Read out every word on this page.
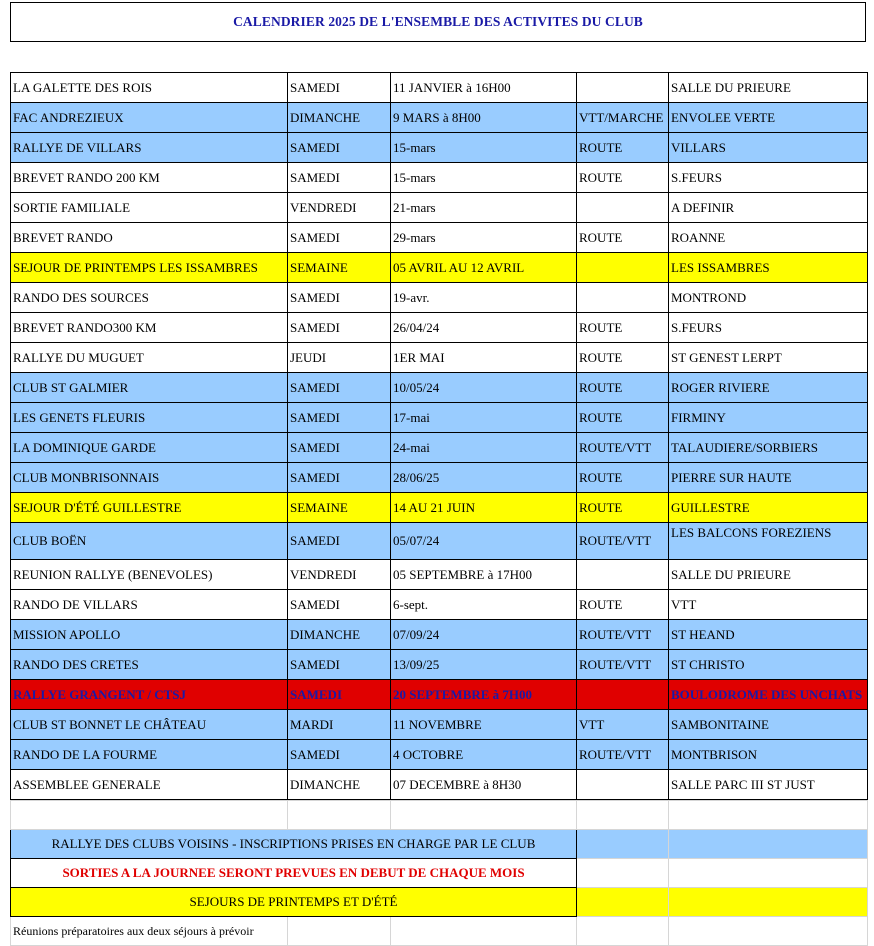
CALENDRIER 2025 DE L'ENSEMBLE DES ACTIVITES DU CLUB
LA GALETTE DES ROIS	SAMEDI	11 JANVIER à 16H00		SALLE DU PRIEURE
FAC ANDREZIEUX	DIMANCHE	9 MARS à 8H00	VTT/MARCHE	ENVOLEE VERTE
RALLYE DE VILLARS	SAMEDI	15-mars	ROUTE	VILLARS
BREVET RANDO 200 KM	SAMEDI	15-mars	ROUTE	S.FEURS
SORTIE FAMILIALE	VENDREDI	21-mars		A DEFINIR
BREVET RANDO	SAMEDI	29-mars	ROUTE	ROANNE
SEJOUR DE PRINTEMPS LES ISSAMBRES	SEMAINE	05 AVRIL AU 12 AVRIL		LES ISSAMBRES
RANDO DES SOURCES	SAMEDI	19-avr.		MONTROND
BREVET RANDO300 KM	SAMEDI	26/04/24	ROUTE	S.FEURS
RALLYE DU MUGUET	JEUDI	1ER MAI	ROUTE	ST GENEST LERPT
CLUB ST GALMIER	SAMEDI	10/05/24	ROUTE	ROGER RIVIERE
LES GENETS FLEURIS	SAMEDI	17-mai	ROUTE	FIRMINY
LA DOMINIQUE GARDE	SAMEDI	24-mai	ROUTE/VTT	TALAUDIERE/SORBIERS
CLUB MONBRISONNAIS	SAMEDI	28/06/25	ROUTE	PIERRE SUR HAUTE
SEJOUR D'ÉTÉ GUILLESTRE	SEMAINE	14 AU 21 JUIN	ROUTE	GUILLESTRE
CLUB BOËN	SAMEDI	05/07/24	ROUTE/VTT	LES BALCONS FOREZIENS
REUNION RALLYE (BENEVOLES)	VENDREDI	05 SEPTEMBRE à 17H00		SALLE DU PRIEURE
RANDO DE VILLARS	SAMEDI	6-sept.	ROUTE	VTT
MISSION APOLLO	DIMANCHE	07/09/24	ROUTE/VTT	ST HEAND
RANDO DES CRETES	SAMEDI	13/09/25	ROUTE/VTT	ST CHRISTO
RALLYE GRANGENT / CTSJ	SAMEDI	20 SEPTEMBRE à 7H00		BOULODROME DES UNCHATS
CLUB ST BONNET LE CHÂTEAU	MARDI	11 NOVEMBRE	VTT	SAMBONITAINE
RANDO DE LA FOURME	SAMEDI	4 OCTOBRE	ROUTE/VTT	MONTBRISON
ASSEMBLEE GENERALE	DIMANCHE	07 DECEMBRE à 8H30		SALLE PARC III ST JUST

RALLYE DES CLUBS VOISINS - INSCRIPTIONS PRISES EN CHARGE PAR LE CLUB				
SORTIES A LA JOURNEE SERONT PREVUES EN DEBUT DE CHAQUE MOIS				
SEJOURS DE PRINTEMPS ET D'ÉTÉ				
Réunions préparatoires aux deux séjours à prévoir				
